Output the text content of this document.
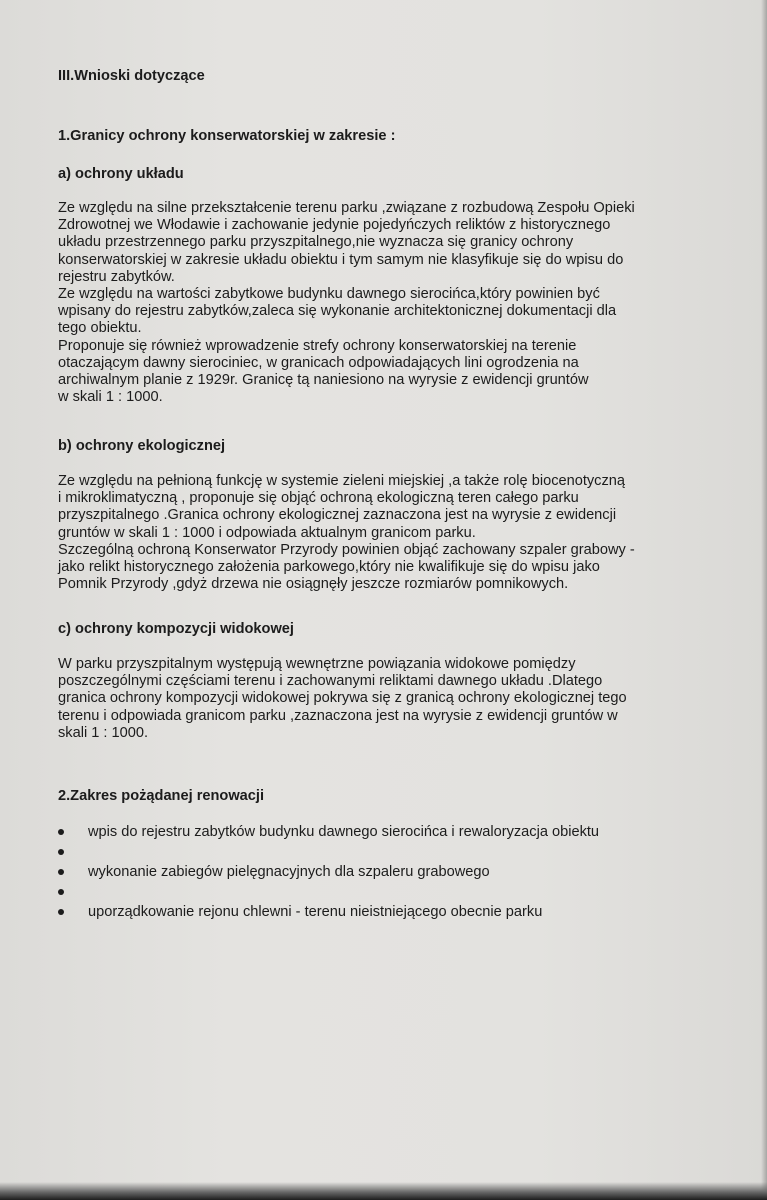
III.Wnioski dotyczące

1.Granicy ochrony konserwatorskiej w zakresie :

a) ochrony układu

Ze względu na silne przekształcenie terenu parku ,związane z rozbudową Zespołu Opieki
Zdrowotnej we Włodawie i zachowanie jedynie pojedyńczych reliktów z historycznego
układu przestrzennego parku przyszpitalnego,nie wyznacza się granicy ochrony
konserwatorskiej w zakresie układu obiektu i tym samym nie klasyfikuje się do wpisu do
rejestru zabytków.
Ze względu na wartości zabytkowe budynku dawnego sierocińca,który powinien być
wpisany do rejestru zabytków,zaleca się wykonanie architektonicznej dokumentacji dla
tego obiektu.
Proponuje się również wprowadzenie strefy ochrony konserwatorskiej na terenie
otaczającym dawny sierociniec, w granicach odpowiadających lini ogrodzenia na
archiwalnym planie z 1929r. Granicę tą naniesiono na wyrysie z ewidencji gruntów
w skali 1 : 1000.

b) ochrony ekologicznej

Ze względu na pełnioną funkcję w systemie zieleni miejskiej ,a także rolę biocenotyczną
i mikroklimatyczną , proponuje się objąć ochroną ekologiczną teren całego parku
przyszpitalnego .Granica ochrony ekologicznej zaznaczona jest na wyrysie z ewidencji
gruntów w skali 1 : 1000 i odpowiada aktualnym granicom parku.
Szczególną ochroną Konserwator Przyrody powinien objąć zachowany szpaler grabowy -
jako relikt historycznego założenia parkowego,który nie kwalifikuje się do wpisu jako
Pomnik Przyrody ,gdyż drzewa nie osiągnęły jeszcze rozmiarów pomnikowych.

c) ochrony kompozycji widokowej

W parku przyszpitalnym występują wewnętrzne powiązania widokowe pomiędzy
poszczególnymi częściami terenu i zachowanymi reliktami dawnego układu .Dlatego
granica ochrony kompozycji widokowej pokrywa się z granicą ochrony ekologicznej tego
terenu i odpowiada granicom parku ,zaznaczona jest na wyrysie z ewidencji gruntów w
skali 1 : 1000.

2.Zakres pożądanej renowacji

wpis do rejestru zabytków budynku dawnego sierocińca i rewaloryzacja obiektu
wykonanie zabiegów pielęgnacyjnych dla szpaleru grabowego
uporządkowanie rejonu chlewni - terenu nieistniejącego obecnie parku
